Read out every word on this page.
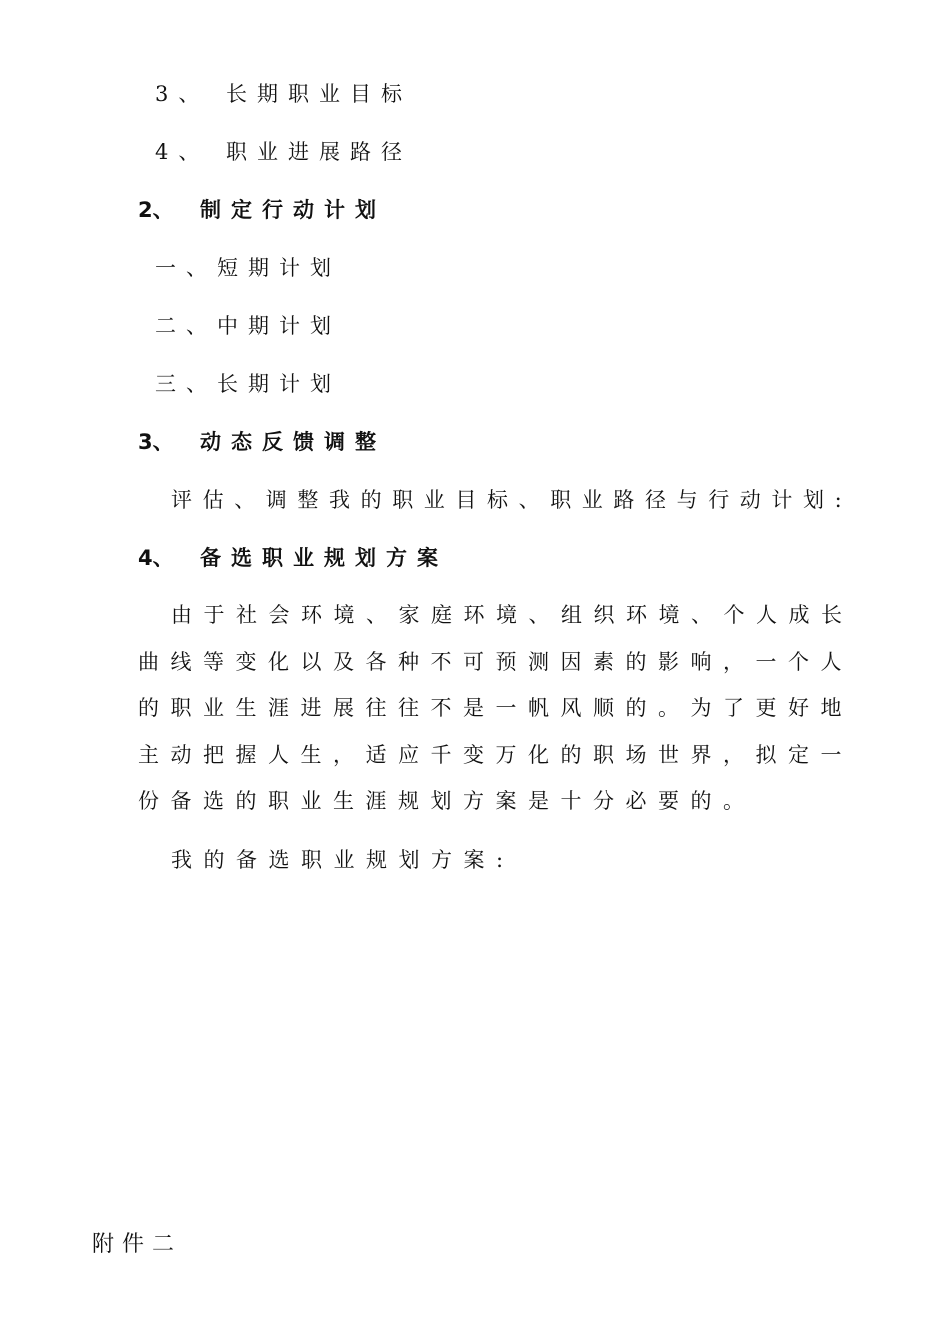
3、 长期职业目标
4、 职业进展路径
2、 制定行动计划
一、短期计划
二、中期计划
三、长期计划
3、 动态反馈调整
评估、调整我的职业目标、职业路径与行动计划:
4、 备选职业规划方案
由于社会环境、家庭环境、组织环境、个人成长曲线等变化以及各种不可预测因素的影响，一个人的职业生涯进展往往不是一帆风顺的。为了更好地主动把握人生，适应千变万化的职场世界，拟定一份备选的职业生涯规划方案是十分必要的。
我的备选职业规划方案:
附件二
